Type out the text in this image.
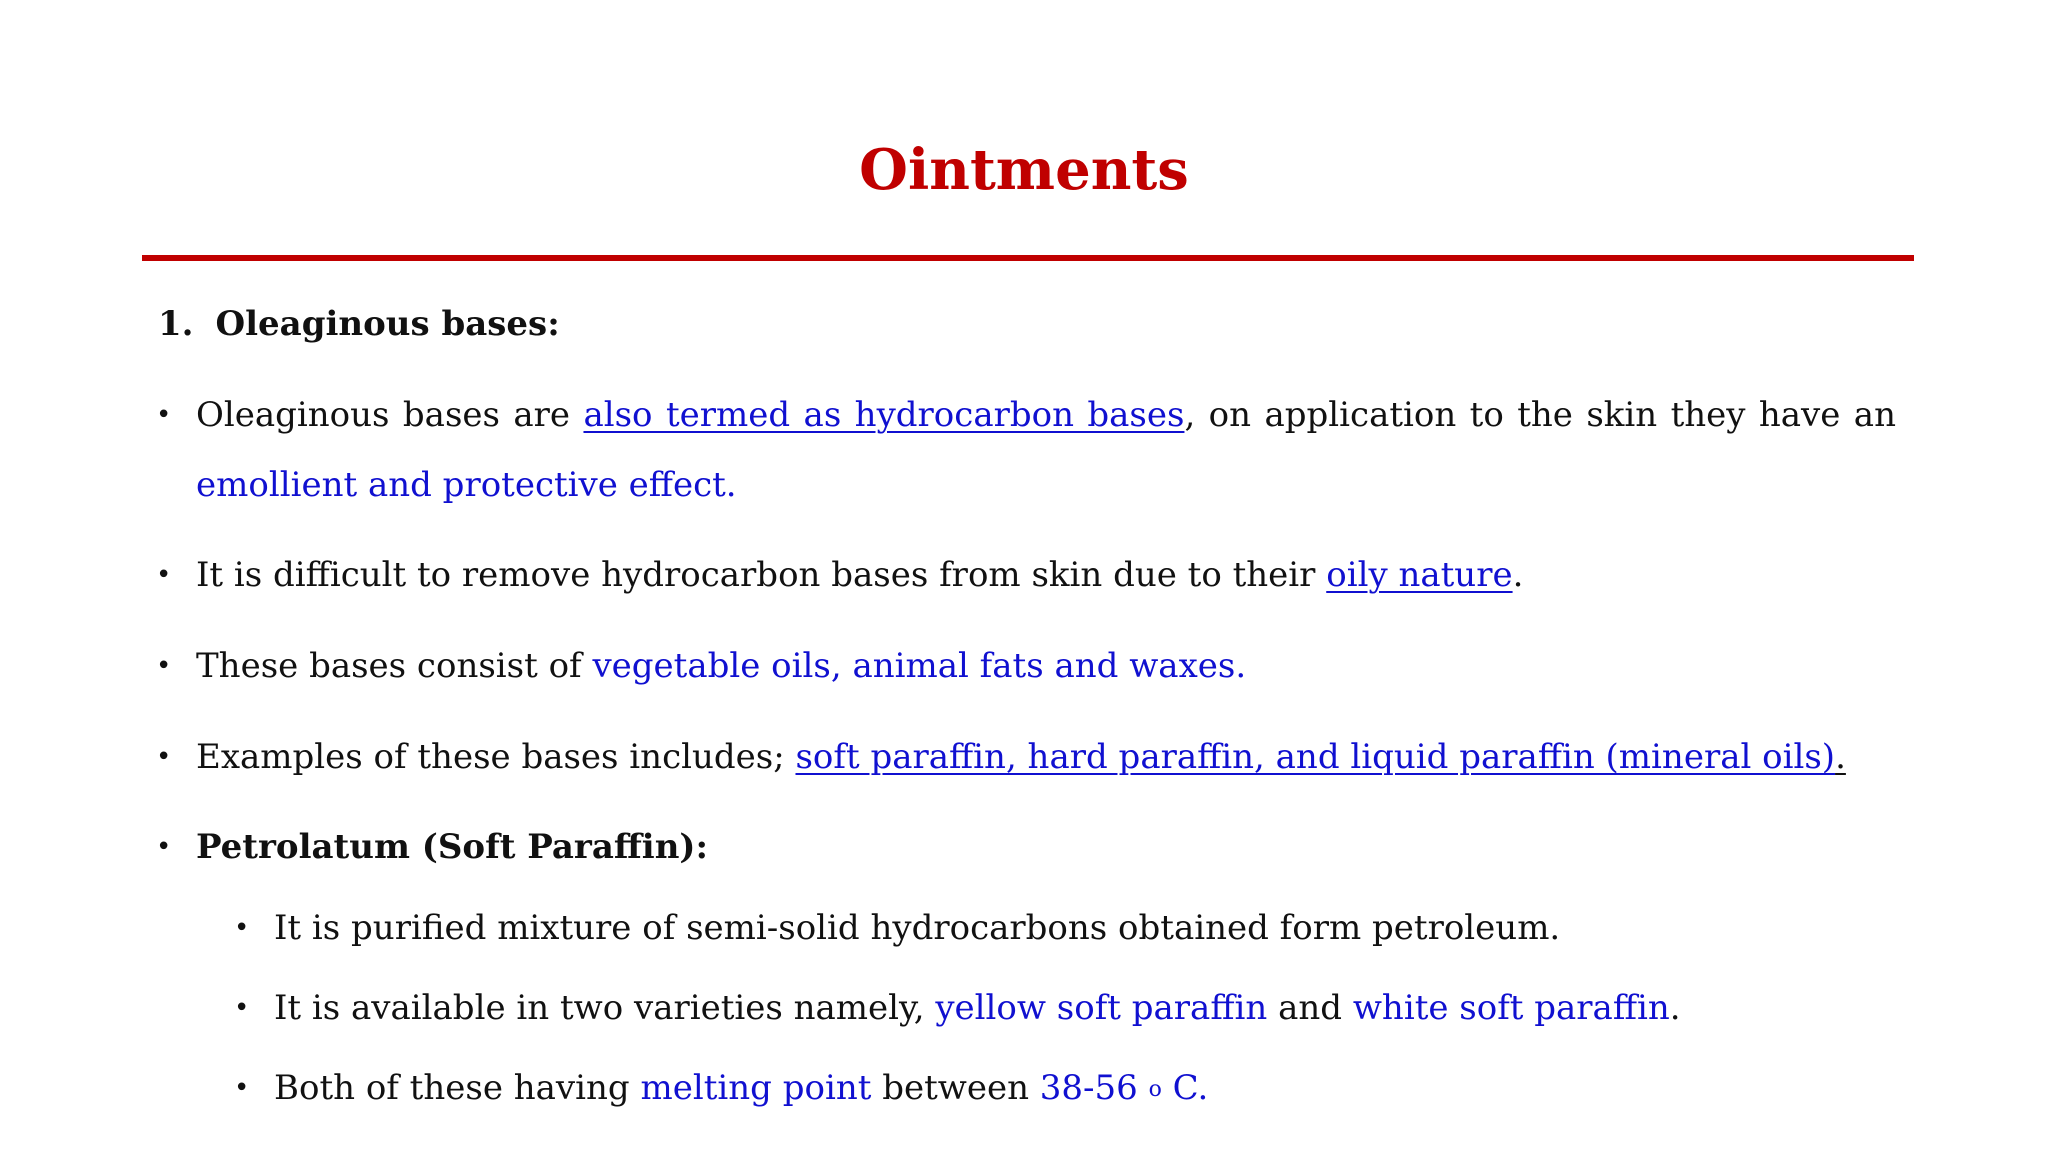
Ointments
1. Oleaginous bases:
• Oleaginous bases are also termed as hydrocarbon bases, on application to the skin they have an
emollient and protective effect.
• It is difficult to remove hydrocarbon bases from skin due to their oily nature.
• These bases consist of vegetable oils, animal fats and waxes.
• Examples of these bases includes; soft paraffin, hard paraffin, and liquid paraffin (mineral oils).
• Petrolatum (Soft Paraffin):
• It is purified mixture of semi-solid hydrocarbons obtained form petroleum.
• It is available in two varieties namely, yellow soft paraffin and white soft paraffin.
• Both of these having melting point between 38-56 $^o$ C.
